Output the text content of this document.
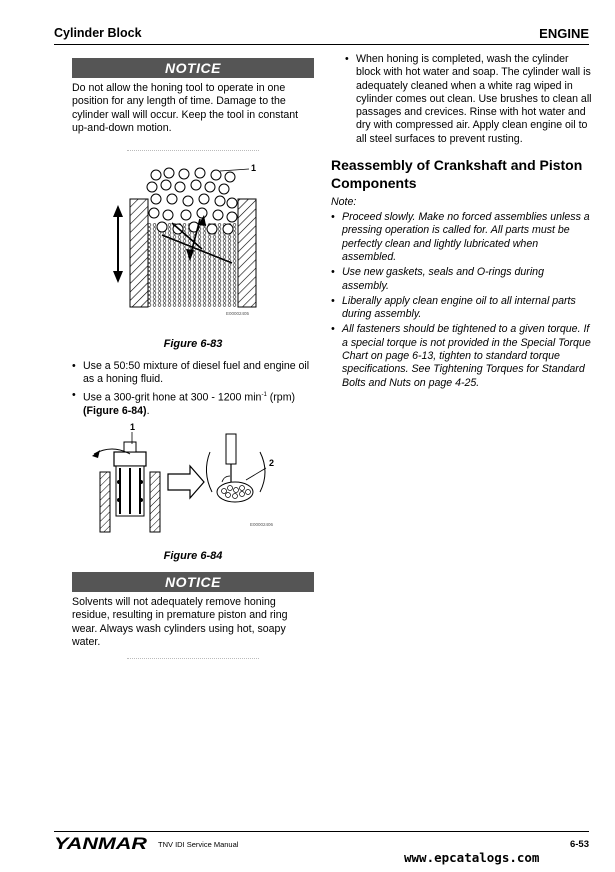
Cylinder Block	ENGINE
NOTICE

Do not allow the honing tool to operate in one position for any length of time. Damage to the cylinder wall will occur. Keep the tool in constant up-and-down motion.

1
E00002405
Figure 6-83
• Use a 50:50 mixture of diesel fuel and engine oil as a honing fluid.
• Use a 300-grit hone at 300 - 1200 $\min^{-1} (rpm)$ (Figure 6-84).
1
2
E00002406
Figure 6-84
NOTICE

Solvents will not adequately remove honing residue, resulting in premature piston and ring wear. Always wash cylinders using hot, soapy water.

• When honing is completed, wash the cylinder block with hot water and soap. The cylinder wall is adequately cleaned when a white rag wiped in cylinder comes out clean. Use brushes to clean all passages and crevices. Rinse with hot water and dry with compressed air. Apply clean engine oil to all steel surfaces to prevent rusting.
Reassembly of Crankshaft and Piston Components
Note:
• Proceed slowly. Make no forced assemblies unless a pressing operation is called for. All parts must be perfectly clean and lightly lubricated when assembled.
• Use new gaskets, seals and O-rings during assembly.
• Liberally apply clean engine oil to all internal parts during assembly.
• All fasteners should be tightened to a given torque. If a special torque is not provided in the Special Torque Chart on page 6-13, tighten to standard torque specifications. See Tightening Torques for Standard Bolts and Nuts on page 4-25.
YANMAR TNV IDI Service Manual	6-53
www.epcatalogs.com
